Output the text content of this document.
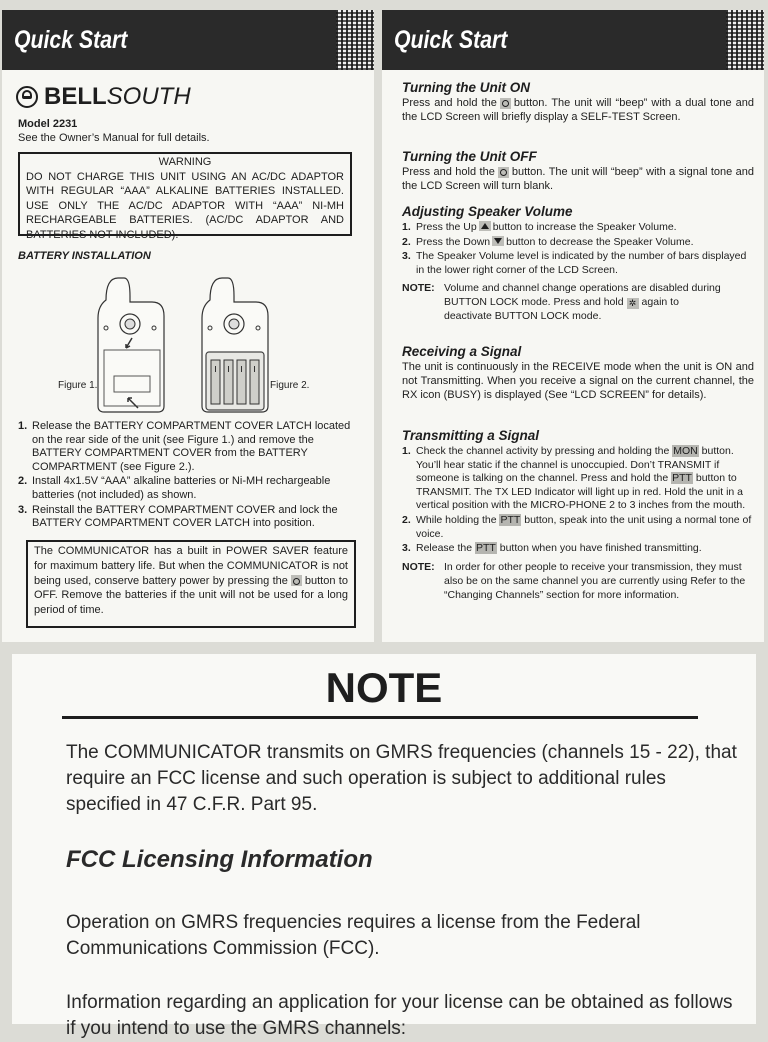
Quick Start
BELLSOUTH
Model 2231
See the Owner’s Manual for full details.
WARNING
DO NOT CHARGE THIS UNIT USING AN AC/DC ADAPTOR WITH REGULAR “AAA” ALKALINE BATTERIES INSTALLED. USE ONLY THE AC/DC ADAPTOR WITH “AAA” NI-MH RECHARGEABLE BATTERIES. (AC/DC ADAPTOR AND BATTERIES NOT INCLUDED).
BATTERY INSTALLATION
Figure 1.	Figure 2.
1. Release the BATTERY COMPARTMENT COVER LATCH located on the rear side of the unit (see Figure 1.) and remove the BATTERY COMPARTMENT COVER from the BATTERY COMPARTMENT (see Figure 2.).
2. Install 4x1.5V “AAA” alkaline batteries or Ni-MH rechargeable batteries (not included) as shown.
3. Reinstall the BATTERY COMPARTMENT COVER and lock the BATTERY COMPARTMENT COVER LATCH into position.
The COMMUNICATOR has a built in POWER SAVER feature for maximum battery life. But when the COMMUNICATOR is not being used, conserve battery power by pressing the button to OFF. Remove the batteries if the unit will not be used for a long period of time.
Quick Start
Turning the Unit ON

Press and hold the button. The unit will “beep” with a dual tone and the LCD Screen will briefly display a SELF-TEST Screen.

Turning the Unit OFF

Press and hold the button. The unit will “beep” with a signal tone and the LCD Screen will turn blank.

Adjusting Speaker Volume
1. Press the Up button to increase the Speaker Volume.
2. Press the Down button to decrease the Speaker Volume.
3. The Speaker Volume level is indicated by the number of bars displayed in the lower right corner of the LCD Screen.
NOTE: Volume and channel change operations are disabled during
BUTTON LOCK mode. Press and hold ✲ again to
deactivate BUTTON LOCK mode.
Receiving a Signal

The unit is continuously in the RECEIVE mode when the unit is ON and not Transmitting. When you receive a signal on the current channel, the RX icon (BUSY) is displayed (See “LCD SCREEN” for details).

Transmitting a Signal
1. Check the channel activity by pressing and holding the MON button. You’ll hear static if the channel is unoccupied. Don’t TRANSMIT if someone is talking on the channel. Press and hold the PTT button to TRANSMIT. The TX LED Indicator will light up in red. Hold the unit in a vertical position with the MICRO-PHONE 2 to 3 inches from the mouth.
2. While holding the PTT button, speak into the unit using a normal tone of voice.
3. Release the PTT button when you have finished transmitting.
NOTE: In order for other people to receive your transmission, they must also be on the same channel you are currently using Refer to the “Changing Channels” section for more information.
NOTE
The COMMUNICATOR transmits on GMRS frequencies (channels 15 - 22), that require an FCC license and such operation is subject to additional rules specified in 47 C.F.R. Part 95.
FCC Licensing Information
Operation on GMRS frequencies requires a license from the Federal Communications Commission (FCC).
Information regarding an application for your license can be obtained as follows if you intend to use the GMRS channels:
